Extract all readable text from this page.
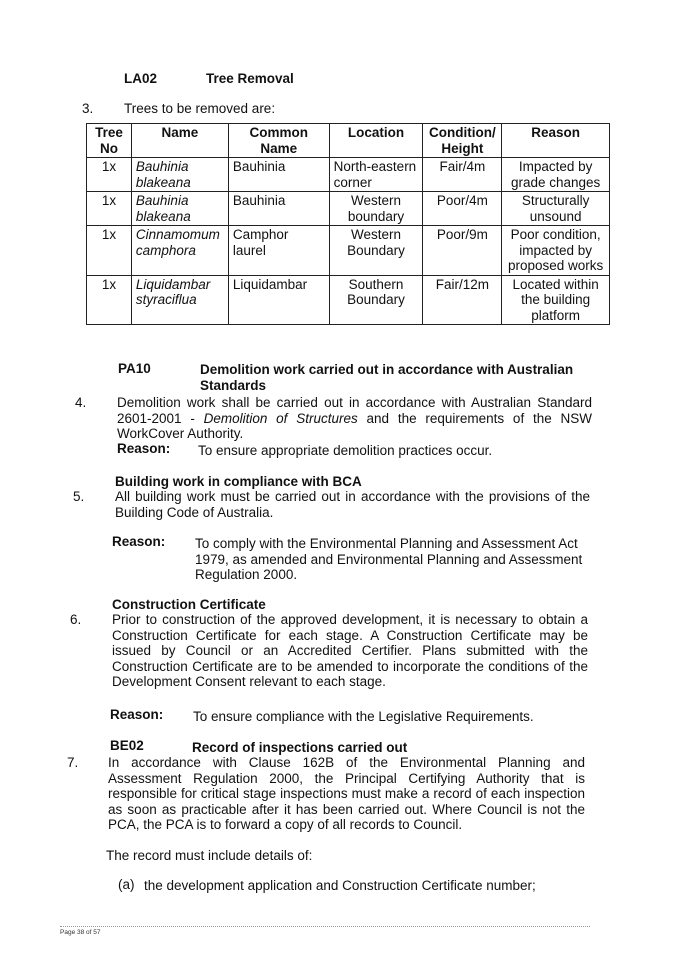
LA02	Tree Removal
3. Trees to be removed are:
Tree No	Name	Common Name	Location	Condition/ Height	Reason
1x	Bauhinia blakeana	Bauhinia	North-eastern corner	Fair/4m	Impacted by grade changes
1x	Bauhinia blakeana	Bauhinia	Western boundary	Poor/4m	Structurally unsound
1x	Cinnamomum camphora	Camphor laurel	Western Boundary	Poor/9m	Poor condition, impacted by proposed works
1x	Liquidambar styraciflua	Liquidambar	Southern Boundary	Fair/12m	Located within the building platform
PA10	Demolition work carried out in accordance with Australian Standards
4. Demolition work shall be carried out in accordance with Australian Standard 2601-2001 - Demolition of Structures and the requirements of the NSW WorkCover Authority.
Reason: To ensure appropriate demolition practices occur.
Building work in compliance with BCA
5. All building work must be carried out in accordance with the provisions of the Building Code of Australia.
Reason: To comply with the Environmental Planning and Assessment Act 1979, as amended and Environmental Planning and Assessment Regulation 2000.
Construction Certificate
6. Prior to construction of the approved development, it is necessary to obtain a Construction Certificate for each stage. A Construction Certificate may be issued by Council or an Accredited Certifier. Plans submitted with the Construction Certificate are to be amended to incorporate the conditions of the Development Consent relevant to each stage.
Reason: To ensure compliance with the Legislative Requirements.
BE02	Record of inspections carried out
7. In accordance with Clause 162B of the Environmental Planning and Assessment Regulation 2000, the Principal Certifying Authority that is responsible for critical stage inspections must make a record of each inspection as soon as practicable after it has been carried out. Where Council is not the PCA, the PCA is to forward a copy of all records to Council.
The record must include details of:
(a) the development application and Construction Certificate number;
Page 38 of 57
